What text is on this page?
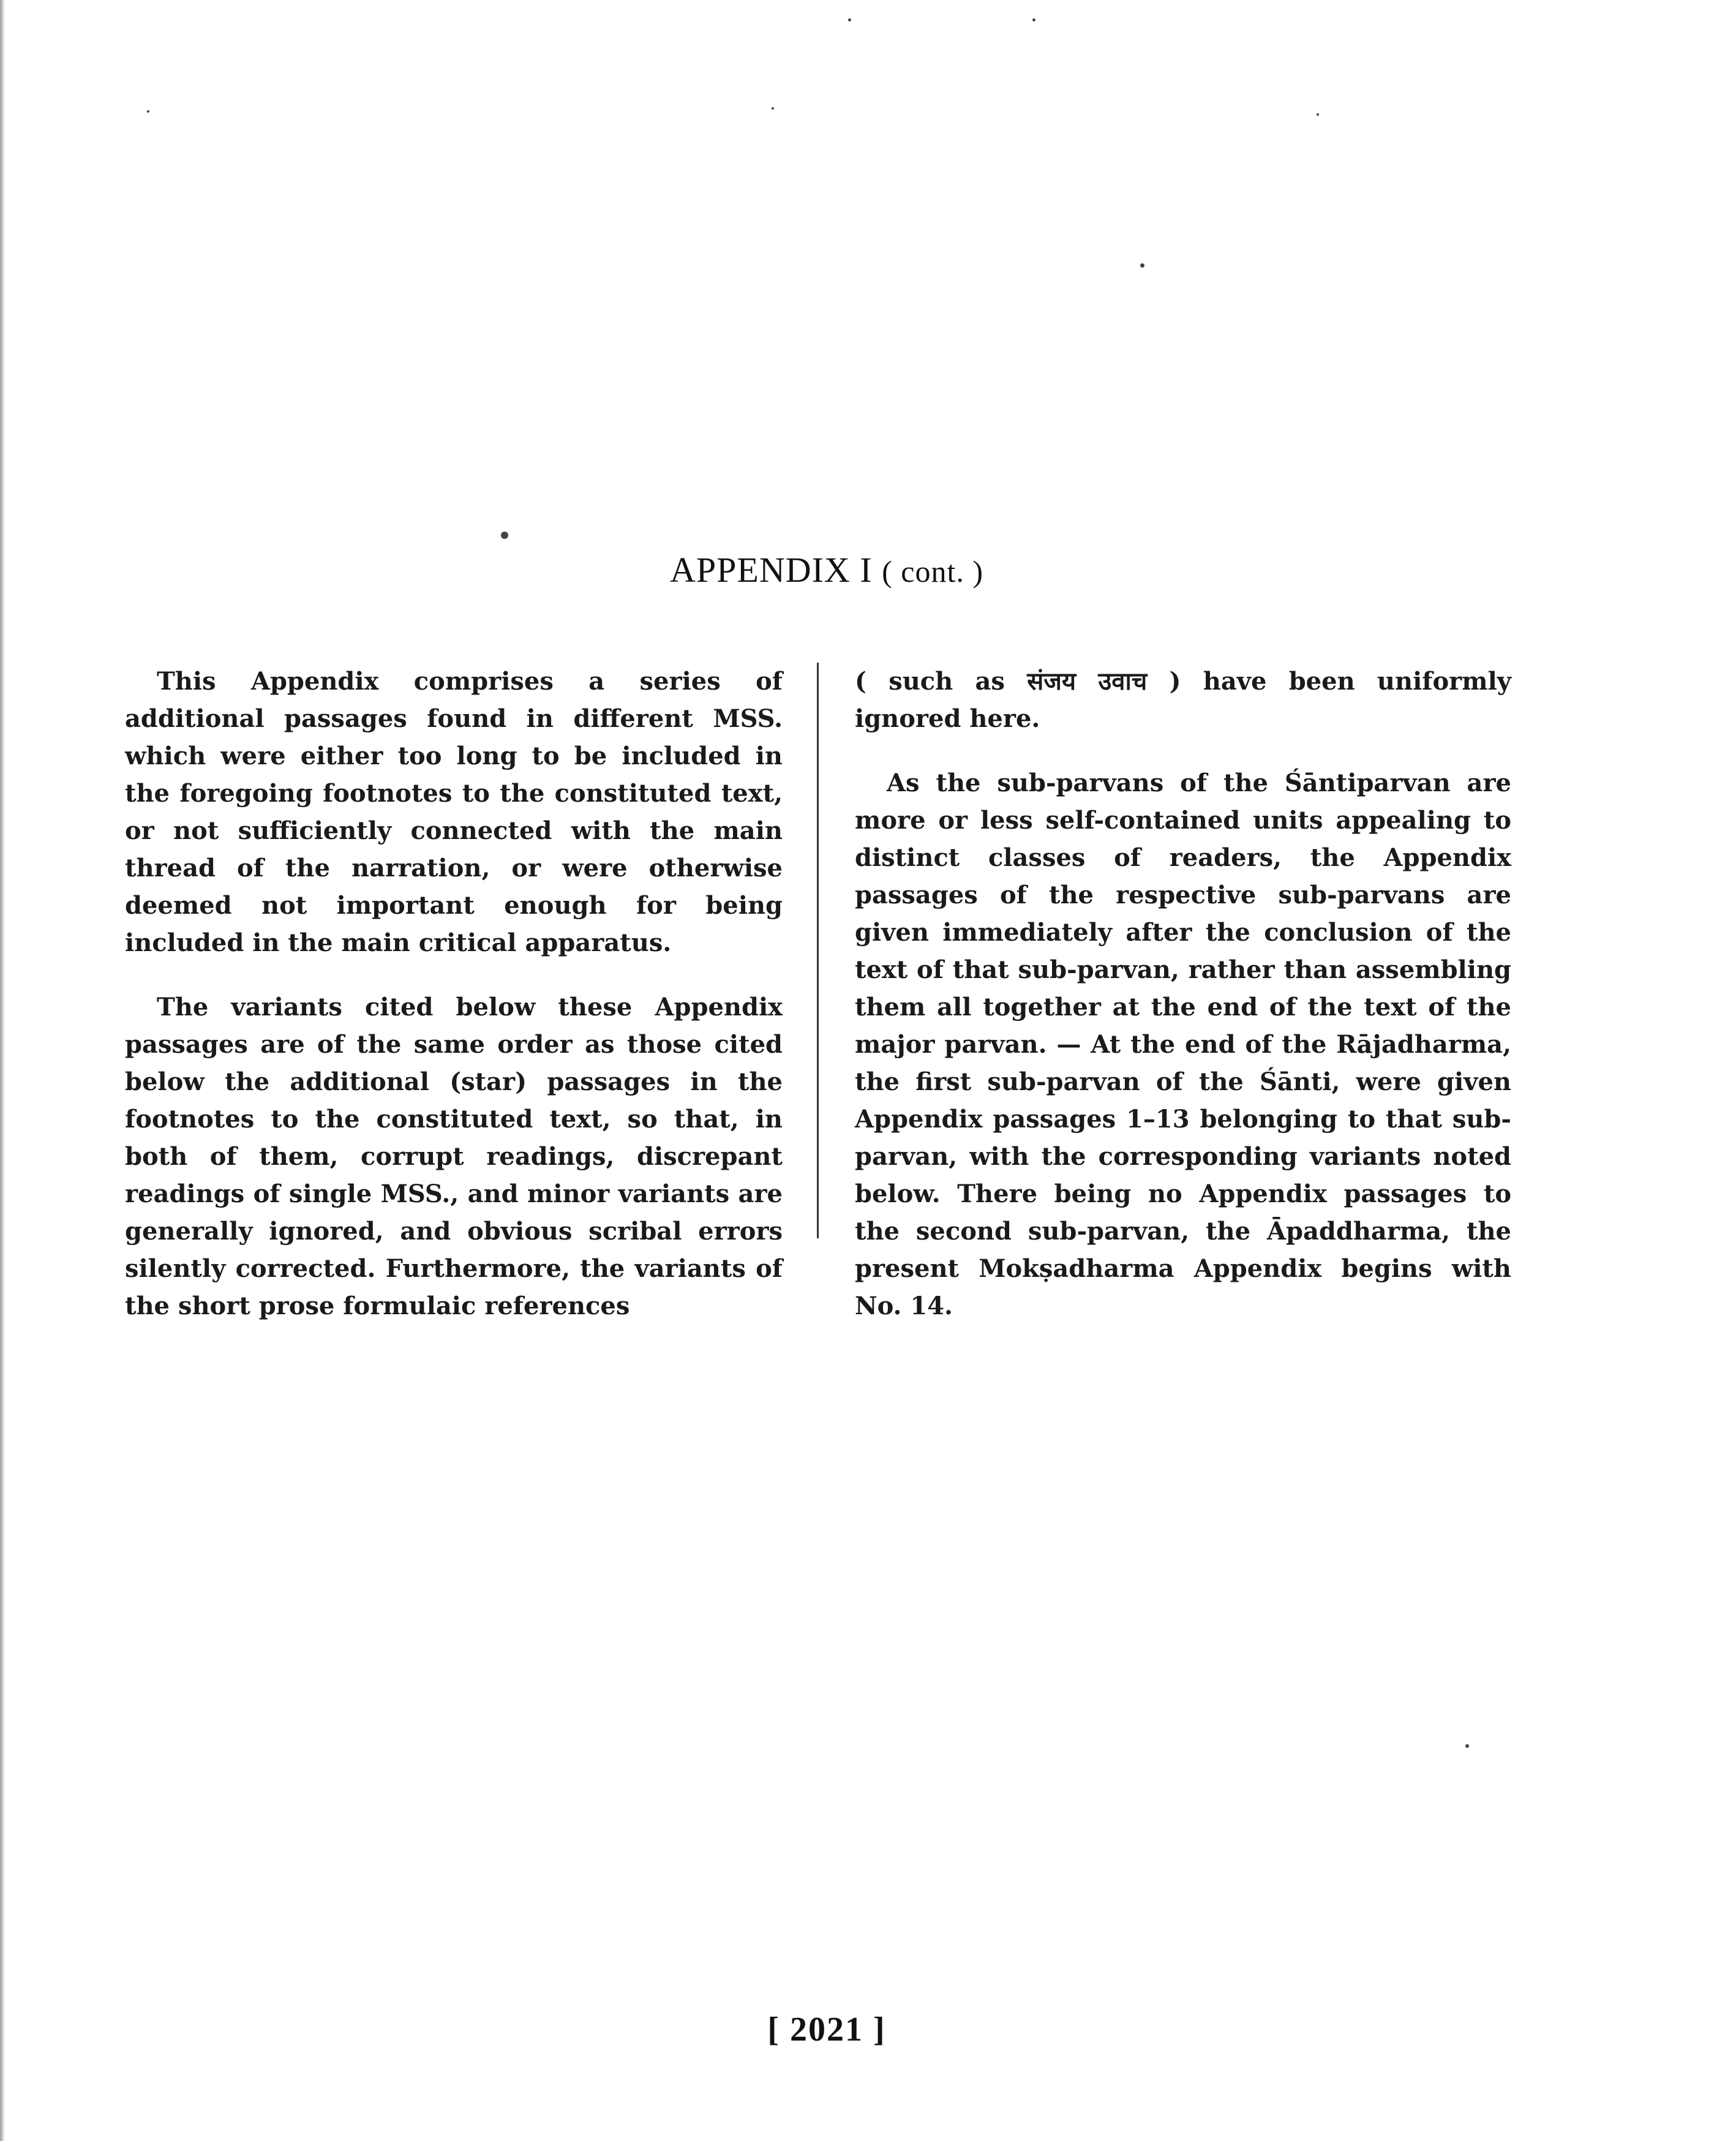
APPENDIX I ( cont. )

This Appendix comprises a series of additional passages found in different MSS. which were either too long to be included in the foregoing footnotes to the constituted text, or not sufficiently connected with the main thread of the narration, or were otherwise deemed not important enough for being included in the main critical apparatus.

The variants cited below these Appendix passages are of the same order as those cited below the additional (star) passages in the footnotes to the constituted text, so that, in both of them, corrupt readings, discrepant readings of single MSS., and minor variants are generally ignored, and obvious scribal errors silently corrected. Furthermore, the variants of the short prose formulaic references

( such as संजय उवाच ) have been uniformly ignored here.

As the sub-parvans of the Śāntiparvan are more or less self-contained units appealing to distinct classes of readers, the Appendix passages of the respective sub-parvans are given immediately after the conclusion of the text of that sub-parvan, rather than assembling them all together at the end of the text of the major parvan. — At the end of the Rājadharma, the first sub-parvan of the Śānti, were given Appendix passages 1–13 belonging to that sub-parvan, with the corresponding variants noted below. There being no Appendix passages to the second sub-parvan, the Āpaddharma, the present Mokṣadharma Appendix begins with No. 14.

[ 2021 ]
